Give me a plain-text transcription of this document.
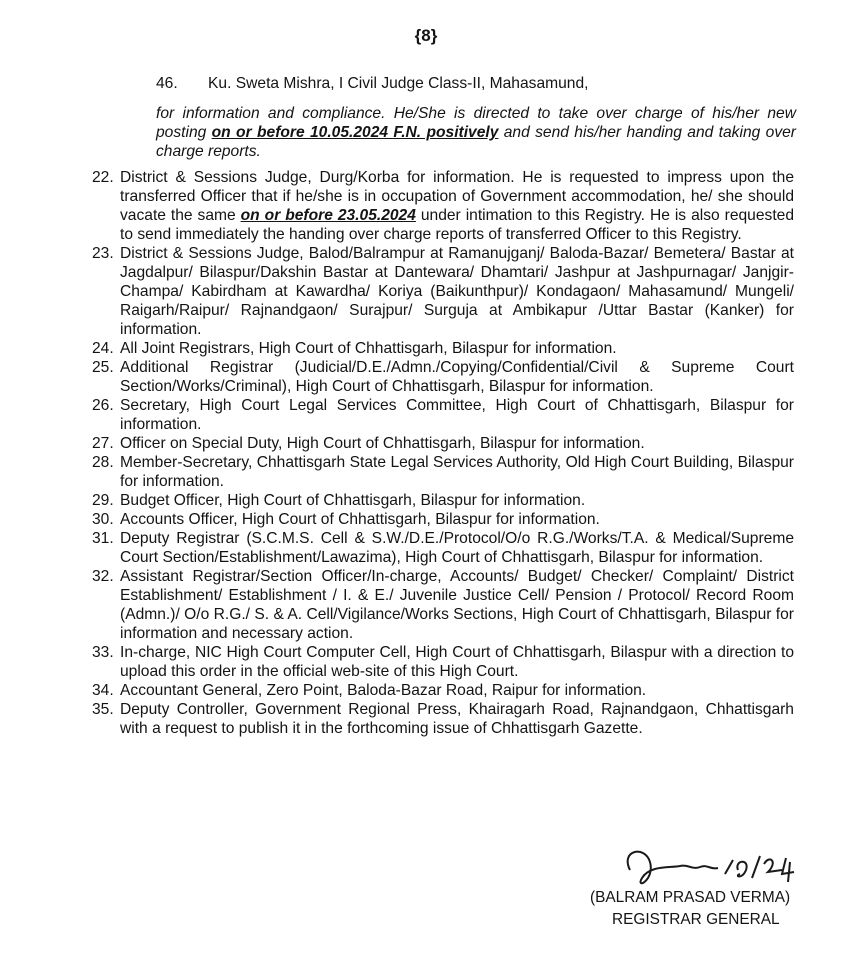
{8}
46. Ku. Sweta Mishra, I Civil Judge Class-II, Mahasamund,
for information and compliance. He/She is directed to take over charge of his/her new posting on or before 10.05.2024 F.N. positively and send his/her handing and taking over charge reports.
22. District & Sessions Judge, Durg/Korba for information. He is requested to impress upon the transferred Officer that if he/she is in occupation of Government accommodation, he/ she should vacate the same on or before 23.05.2024 under intimation to this Registry. He is also requested to send immediately the handing over charge reports of transferred Officer to this Registry.
23. District & Sessions Judge, Balod/Balrampur at Ramanujganj/ Baloda-Bazar/ Bemetera/ Bastar at Jagdalpur/ Bilaspur/Dakshin Bastar at Dantewara/ Dhamtari/ Jashpur at Jashpurnagar/ Janjgir-Champa/ Kabirdham at Kawardha/ Koriya (Baikunthpur)/ Kondagaon/ Mahasamund/ Mungeli/ Raigarh/Raipur/ Rajnandgaon/ Surajpur/ Surguja at Ambikapur /Uttar Bastar (Kanker) for information.
24. All Joint Registrars, High Court of Chhattisgarh, Bilaspur for information.
25. Additional Registrar (Judicial/D.E./Admn./Copying/Confidential/Civil & Supreme Court Section/Works/Criminal), High Court of Chhattisgarh, Bilaspur for information.
26. Secretary, High Court Legal Services Committee, High Court of Chhattisgarh, Bilaspur for information.
27. Officer on Special Duty, High Court of Chhattisgarh, Bilaspur for information.
28. Member-Secretary, Chhattisgarh State Legal Services Authority, Old High Court Building, Bilaspur for information.
29. Budget Officer, High Court of Chhattisgarh, Bilaspur for information.
30. Accounts Officer, High Court of Chhattisgarh, Bilaspur for information.
31. Deputy Registrar (S.C.M.S. Cell & S.W./D.E./Protocol/O/o R.G./Works/T.A. & Medical/Supreme Court Section/Establishment/Lawazima), High Court of Chhattisgarh, Bilaspur for information.
32. Assistant Registrar/Section Officer/In-charge, Accounts/ Budget/ Checker/ Complaint/ District Establishment/ Establishment / I. & E./ Juvenile Justice Cell/ Pension / Protocol/ Record Room (Admn.)/ O/o R.G./ S. & A. Cell/Vigilance/Works Sections, High Court of Chhattisgarh, Bilaspur for information and necessary action.
33. In-charge, NIC High Court Computer Cell, High Court of Chhattisgarh, Bilaspur with a direction to upload this order in the official web-site of this High Court.
34. Accountant General, Zero Point, Baloda-Bazar Road, Raipur for information.
35. Deputy Controller, Government Regional Press, Khairagarh Road, Rajnandgaon, Chhattisgarh with a request to publish it in the forthcoming issue of Chhattisgarh Gazette.
(BALRAM PRASAD VERMA)
REGISTRAR GENERAL
